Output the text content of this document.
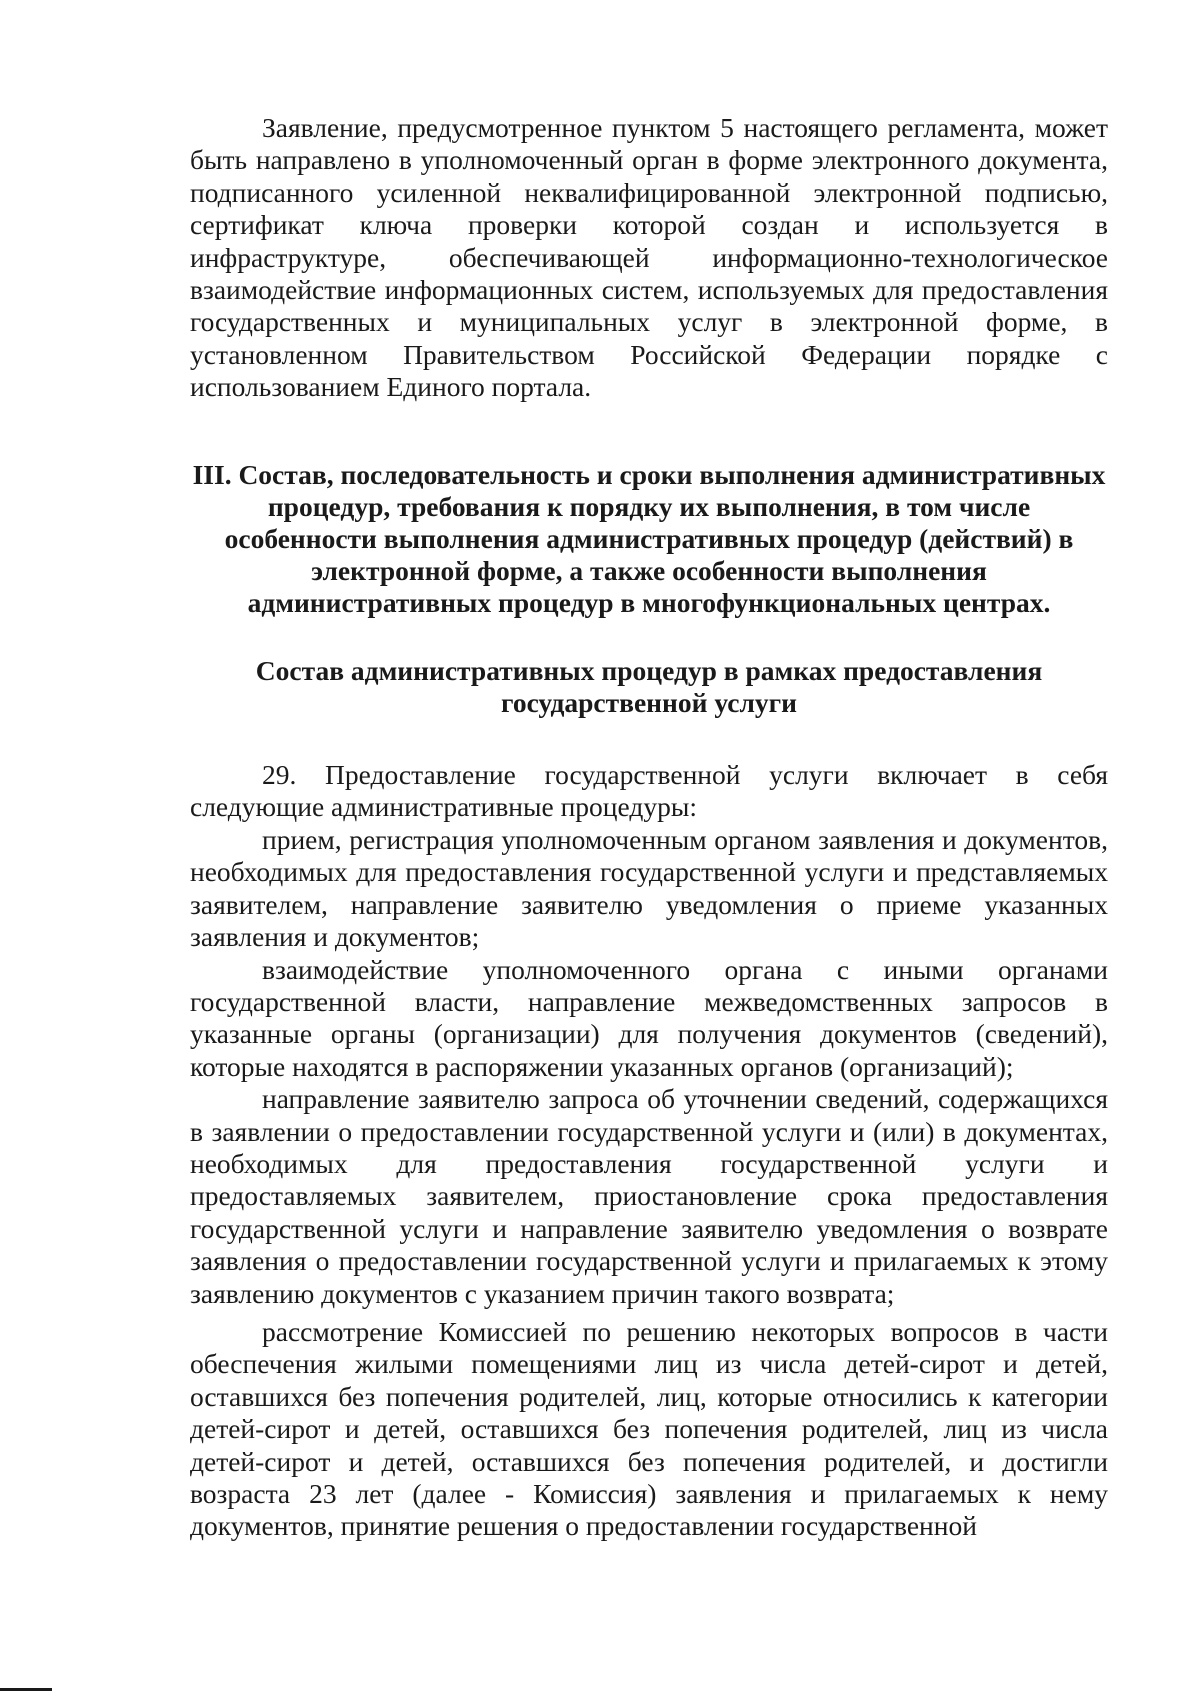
Заявление, предусмотренное пунктом 5 настоящего регламента, может быть направлено в уполномоченный орган в форме электронного документа, подписанного усиленной неквалифицированной электронной подписью, сертификат ключа проверки которой создан и используется в инфраструктуре, обеспечивающей информационно-технологическое взаимодействие информационных систем, используемых для предоставления государственных и муниципальных услуг в электронной форме, в установленном Правительством Российской Федерации порядке с использованием Единого портала.

III. Состав, последовательность и сроки выполнения административных процедур, требования к порядку их выполнения, в том числе особенности выполнения административных процедур (действий) в электронной форме, а также особенности выполнения административных процедур в многофункциональных центрах.
Состав административных процедур в рамках предоставления государственной услуги

29. Предоставление государственной услуги включает в себя следующие административные процедуры:

прием, регистрация уполномоченным органом заявления и документов, необходимых для предоставления государственной услуги и представляемых заявителем, направление заявителю уведомления о приеме указанных заявления и документов;

взаимодействие уполномоченного органа с иными органами государственной власти, направление межведомственных запросов в указанные органы (организации) для получения документов (сведений), которые находятся в распоряжении указанных органов (организаций);

направление заявителю запроса об уточнении сведений, содержащихся в заявлении о предоставлении государственной услуги и (или) в документах, необходимых для предоставления государственной услуги и предоставляемых заявителем, приостановление срока предоставления государственной услуги и направление заявителю уведомления о возврате заявления о предоставлении государственной услуги и прилагаемых к этому заявлению документов с указанием причин такого возврата;

рассмотрение Комиссией по решению некоторых вопросов в части обеспечения жилыми помещениями лиц из числа детей-сирот и детей, оставшихся без попечения родителей, лиц, которые относились к категории детей-сирот и детей, оставшихся без попечения родителей, лиц из числа детей-сирот и детей, оставшихся без попечения родителей, и достигли возраста 23 лет (далее - Комиссия) заявления и прилагаемых к нему документов, принятие решения о предоставлении государственной
